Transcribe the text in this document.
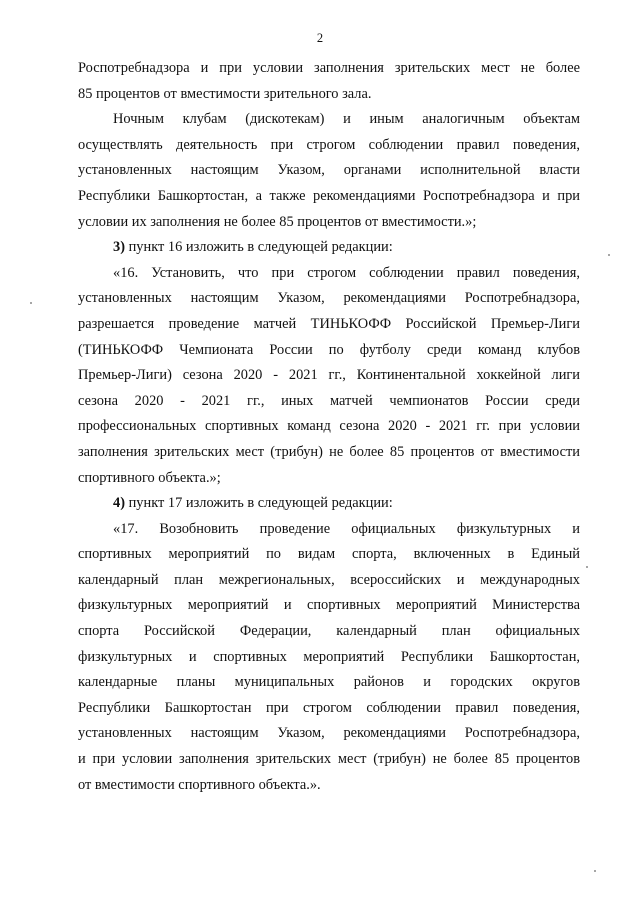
2
Роспотребнадзора и при условии заполнения зрительских мест не более
85 процентов от вместимости зрительного зала.
Ночным клубам (дискотекам) и иным аналогичным объектам
осуществлять деятельность при строгом соблюдении правил поведения,
установленных настоящим Указом, органами исполнительной власти
Республики Башкортостан, а также рекомендациями Роспотребнадзора и при
условии их заполнения не более 85 процентов от вместимости.»;
3) пункт 16 изложить в следующей редакции:
«16. Установить, что при строгом соблюдении правил поведения,
установленных настоящим Указом, рекомендациями Роспотребнадзора,
разрешается проведение матчей ТИНЬКОФФ Российской Премьер-Лиги
(ТИНЬКОФФ Чемпионата России по футболу среди команд клубов
Премьер-Лиги) сезона 2020 - 2021 гг., Континентальной хоккейной лиги
сезона 2020 - 2021 гг., иных матчей чемпионатов России среди
профессиональных спортивных команд сезона 2020 - 2021 гг. при условии
заполнения зрительских мест (трибун) не более 85 процентов от вместимости
спортивного объекта.»;
4) пункт 17 изложить в следующей редакции:
«17. Возобновить проведение официальных физкультурных и
спортивных мероприятий по видам спорта, включенных в Единый
календарный план межрегиональных, всероссийских и международных
физкультурных мероприятий и спортивных мероприятий Министерства
спорта Российской Федерации, календарный план официальных
физкультурных и спортивных мероприятий Республики Башкортостан,
календарные планы муниципальных районов и городских округов
Республики Башкортостан при строгом соблюдении правил поведения,
установленных настоящим Указом, рекомендациями Роспотребнадзора,
и при условии заполнения зрительских мест (трибун) не более 85 процентов
от вместимости спортивного объекта.».
